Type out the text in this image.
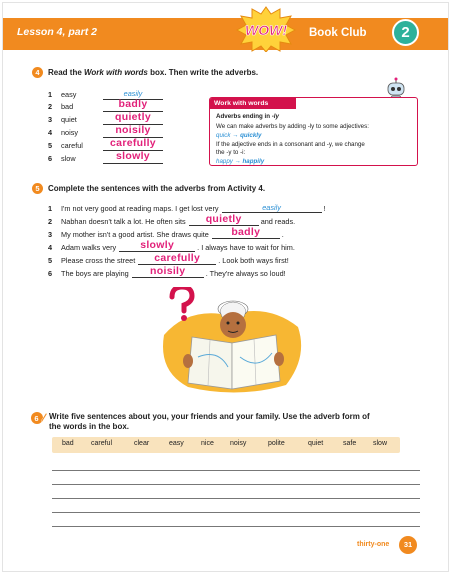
Lesson 4, part 2	WOW! Book Club	2
4	Read the Work with words box. Then write the adverbs.
1 easy	easily
2 bad	badly
3 quiet	quietly
4 noisy	noisily
5 careful	carefully
6 slow	slowly
Work with words
Adverbs ending in -ly
We can make adverbs by adding -ly to some adjectives:
quick → quickly
If the adjective ends in a consonant and -y, we change
the -y to -i:
happy → happily
5	Complete the sentences with the adverbs from Activity 4.
1 I'm not very good at reading maps. I get lost very	easily	!
2 Nabhan doesn't talk a lot. He often sits	quietly	and reads.
3 My mother isn't a good artist. She draws quite	badly	.
4 Adam walks very	slowly	. I always have to wait for him.
5 Please cross the street	carefully	. Look both ways first!
6 The boys are playing	noisily	. They're always so loud!
6	Write five sentences about you, your friends and your family. Use the adverb form of
the words in the box.
bad careful	clear	easy nice noisy	polite	quiet	safe slow
thirty-one	31
